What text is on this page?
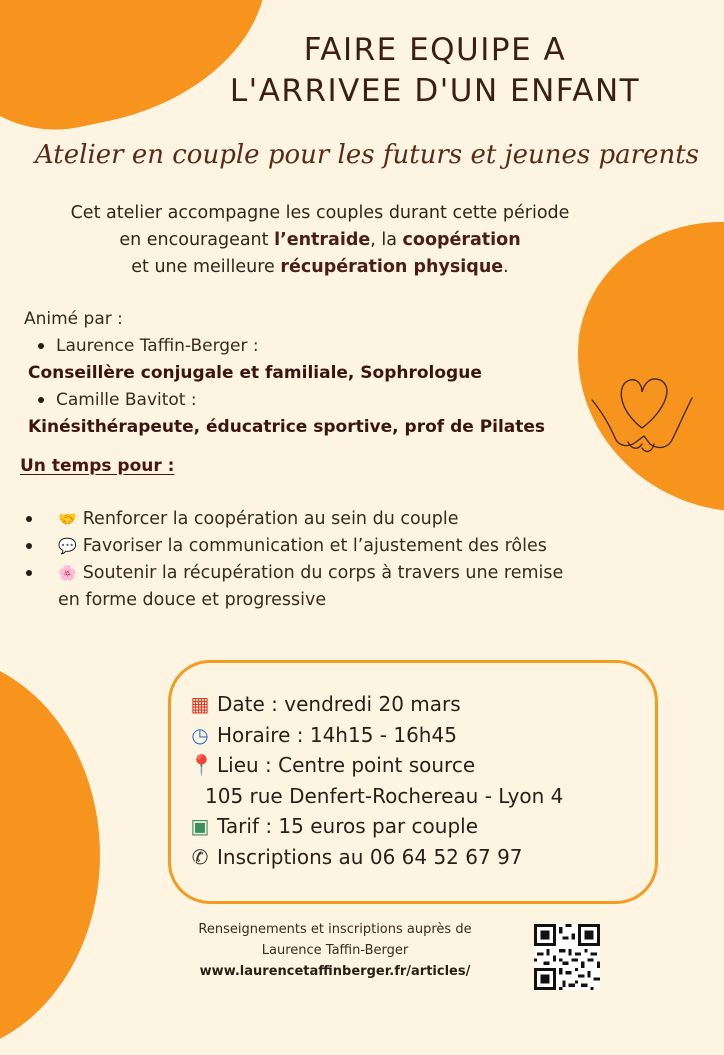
FAIRE EQUIPE A
L'ARRIVEE D'UN ENFANT
Atelier en couple pour les futurs et jeunes parents
Cet atelier accompagne les couples durant cette période
en encourageant l’entraide, la coopération
et une meilleure récupération physique.
Animé par :
Laurence Taffin-Berger :
Conseillère conjugale et familiale, Sophrologue
Camille Bavitot :
Kinésithérapeute, éducatrice sportive, prof de Pilates
Un temps pour :
🤝 Renforcer la coopération au sein du couple
💬 Favoriser la communication et l’ajustement des rôles
🌸 Soutenir la récupération du corps à travers une remise en forme douce et progressive
▦ Date : vendredi 20 mars
◷ Horaire : 14h15 - 16h45
📍 Lieu : Centre point source
105 rue Denfert-Rochereau - Lyon 4
▣ Tarif : 15 euros par couple
✆ Inscriptions au 06 64 52 67 97
Renseignements et inscriptions auprès de
Laurence Taffin-Berger
www.laurencetaffinberger.fr/articles/
